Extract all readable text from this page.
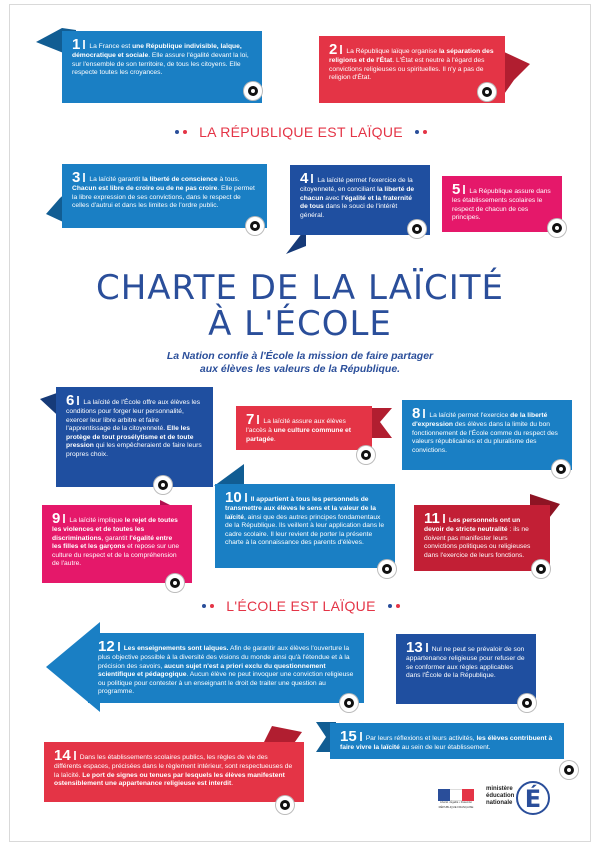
1 La France est une République indivisible, laïque, démocratique et sociale. Elle assure l'égalité devant la loi, sur l'ensemble de son territoire, de tous les citoyens. Elle respecte toutes les croyances.
2 La République laïque organise la séparation des religions et de l'État. L'État est neutre à l'égard des convictions religieuses ou spirituelles. Il n'y a pas de religion d'État.
LA RÉPUBLIQUE EST LAÏQUE
3 La laïcité garantit la liberté de conscience à tous. Chacun est libre de croire ou de ne pas croire. Elle permet la libre expression de ses convictions, dans le respect de celles d'autrui et dans les limites de l'ordre public.
4 La laïcité permet l'exercice de la citoyenneté, en conciliant la liberté de chacun avec l'égalité et la fraternité de tous dans le souci de l'intérêt général.
5 La République assure dans les établissements scolaires le respect de chacun de ces principes.
CHARTE DE LA LAÏCITÉ
À L'ÉCOLE
La Nation confie à l'École la mission de faire partager
aux élèves les valeurs de la République.
6 La laïcité de l'École offre aux élèves les conditions pour forger leur personnalité, exercer leur libre arbitre et faire l'apprentissage de la citoyenneté. Elle les protège de tout prosélytisme et de toute pression qui les empêcheraient de faire leurs propres choix.
7 La laïcité assure aux élèves l'accès à une culture commune et partagée.
8 La laïcité permet l'exercice de la liberté d'expression des élèves dans la limite du bon fonctionnement de l'École comme du respect des valeurs républicaines et du pluralisme des convictions.
9 La laïcité implique le rejet de toutes les violences et de toutes les discriminations, garantit l'égalité entre les filles et les garçons et repose sur une culture du respect et de la compréhension de l'autre.
10 Il appartient à tous les personnels de transmettre aux élèves le sens et la valeur de la laïcité, ainsi que des autres principes fondamentaux de la République. Ils veillent à leur application dans le cadre scolaire. Il leur revient de porter la présente charte à la connaissance des parents d'élèves.
11 Les personnels ont un devoir de stricte neutralité : ils ne doivent pas manifester leurs convictions politiques ou religieuses dans l'exercice de leurs fonctions.
L'ÉCOLE EST LAÏQUE
12 Les enseignements sont laïques. Afin de garantir aux élèves l'ouverture la plus objective possible à la diversité des visions du monde ainsi qu'à l'étendue et à la précision des savoirs, aucun sujet n'est a priori exclu du questionnement scientifique et pédagogique. Aucun élève ne peut invoquer une conviction religieuse ou politique pour contester à un enseignant le droit de traiter une question au programme.
13 Nul ne peut se prévaloir de son appartenance religieuse pour refuser de se conformer aux règles applicables dans l'École de la République.
15 Par leurs réflexions et leurs activités, les élèves contribuent à faire vivre la laïcité au sein de leur établissement.
14 Dans les établissements scolaires publics, les règles de vie des différents espaces, précisées dans le règlement intérieur, sont respectueuses de la laïcité. Le port de signes ou tenues par lesquels les élèves manifestent ostensiblement une appartenance religieuse est interdit.
Liberté • Égalité • Fraternité
RÉPUBLIQUE FRANÇAISE
ministère
éducation
nationale É
